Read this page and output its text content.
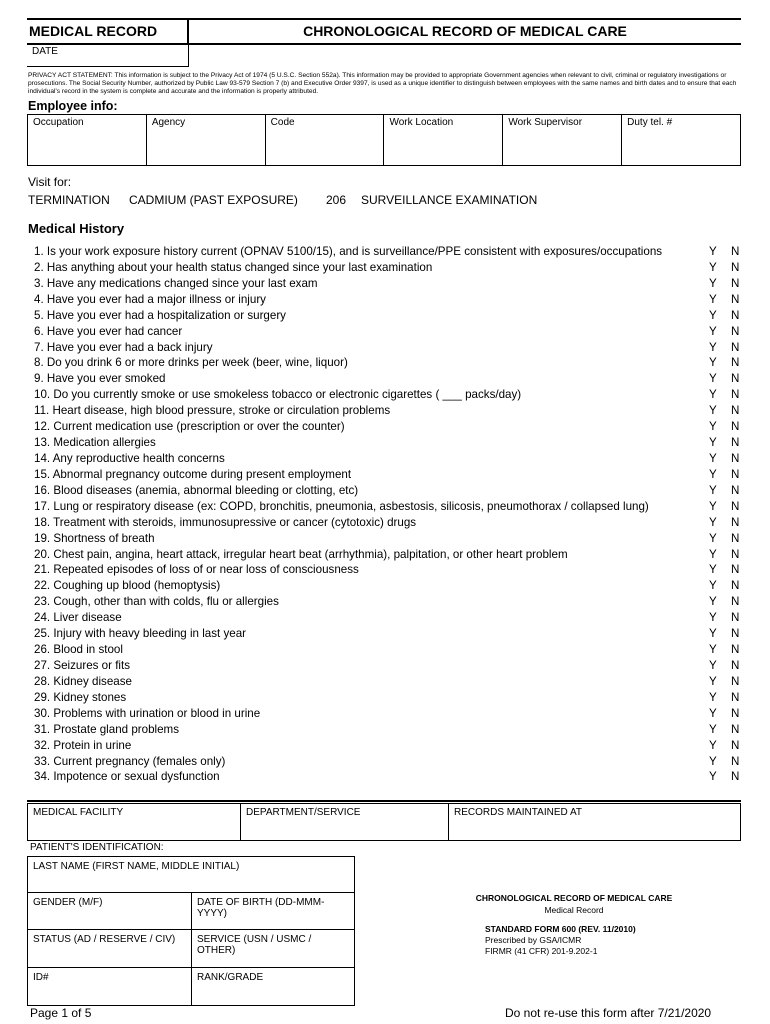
MEDICAL RECORD	CHRONOLOGICAL RECORD OF MEDICAL CARE
DATE
PRIVACY ACT STATEMENT: This information is subject to the Privacy Act of 1974 (5 U.S.C. Section 552a). This information may be provided to appropriate Government agencies when relevant to civil, criminal or regulatory investigations or prosecutions. The Social Security Number, authorized by Public Law 93-579 Section 7 (b) and Executive Order 9397, is used as a unique identifier to distinguish between employees with the same names and birth dates and to ensure that each individual's record in the system is complete and accurate and the information is properly attributed.
Employee info:
Occupation	Agency	Code	Work Location	Work Supervisor	Duty tel. #
Visit for:
TERMINATION CADMIUM (PAST EXPOSURE) 206 SURVEILLANCE EXAMINATION
Medical History
1. Is your work exposure history current (OPNAV 5100/15), and is surveillance/PPE consistent with exposures/occupations	Y N
2. Has anything about your health status changed since your last examination	Y N
3. Have any medications changed since your last exam	Y N
4. Have you ever had a major illness or injury	Y N
5. Have you ever had a hospitalization or surgery	Y N
6. Have you ever had cancer	Y N
7. Have you ever had a back injury	Y N
8. Do you drink 6 or more drinks per week (beer, wine, liquor)	Y N
9. Have you ever smoked	Y N
10. Do you currently smoke or use smokeless tobacco or electronic cigarettes ( ___ packs/day)	Y N
11. Heart disease, high blood pressure, stroke or circulation problems	Y N
12. Current medication use (prescription or over the counter)	Y N
13. Medication allergies	Y N
14. Any reproductive health concerns	Y N
15. Abnormal pregnancy outcome during present employment	Y N
16. Blood diseases (anemia, abnormal bleeding or clotting, etc)	Y N
17. Lung or respiratory disease (ex: COPD, bronchitis, pneumonia, asbestosis, silicosis, pneumothorax / collapsed lung)	Y N
18. Treatment with steroids, immunosupressive or cancer (cytotoxic) drugs	Y N
19. Shortness of breath	Y N
20. Chest pain, angina, heart attack, irregular heart beat (arrhythmia), palpitation, or other heart problem	Y N
21. Repeated episodes of loss of or near loss of consciousness	Y N
22. Coughing up blood (hemoptysis)	Y N
23. Cough, other than with colds, flu or allergies	Y N
24. Liver disease	Y N
25. Injury with heavy bleeding in last year	Y N
26. Blood in stool	Y N
27. Seizures or fits	Y N
28. Kidney disease	Y N
29. Kidney stones	Y N
30. Problems with urination or blood in urine	Y N
31. Prostate gland problems	Y N
32. Protein in urine	Y N
33. Current pregnancy (females only)	Y N
34. Impotence or sexual dysfunction	Y N
MEDICAL FACILITY	DEPARTMENT/SERVICE	RECORDS MAINTAINED AT
PATIENT'S IDENTIFICATION:
LAST NAME (FIRST NAME, MIDDLE INITIAL)
GENDER (M/F)	DATE OF BIRTH (DD-MMM-YYYY)
STATUS (AD / RESERVE / CIV)	SERVICE (USN / USMC / OTHER)
ID#	RANK/GRADE
CHRONOLOGICAL RECORD OF MEDICAL CARE
Medical Record
STANDARD FORM 600 (REV. 11/2010)
Prescribed by GSA/ICMR
FIRMR (41 CFR) 201-9.202-1
Page 1 of 5	Do not re-use this form after 7/21/2020
